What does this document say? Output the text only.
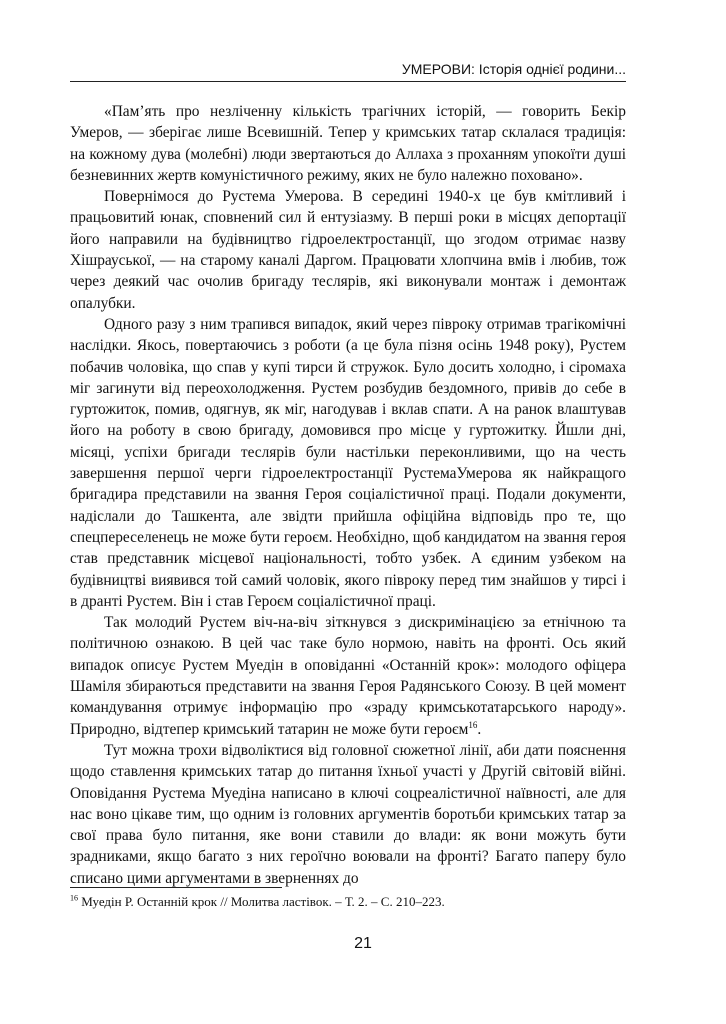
УМЕРОВИ: Історія однієї родини...

«Пам’ять про незліченну кількість трагічних історій, — говорить Бекір Умеров, — зберігає лише Всевишній. Тепер у кримських татар склалася традиція: на кожному дува (молебні) люди звертаються до Аллаха з проханням упокоїти душі безневинних жертв комуністичного режиму, яких не було належно поховано».

Повернімося до Рустема Умерова. В середині 1940-х це був кмітливий і працьовитий юнак, сповнений сил й ентузіазму. В перші роки в місцях депортації його направили на будівництво гідроелектростанції, що згодом отримає назву Хішрауської, — на старому каналі Даргом. Працювати хлопчина вмів і любив, тож через деякий час очолив бригаду теслярів, які виконували монтаж і демонтаж опалубки.

Одного разу з ним трапився випадок, який через півроку отримав трагікомічні наслідки. Якось, повертаючись з роботи (а це була пізня осінь 1948 року), Рустем побачив чоловіка, що спав у купі тирси й стружок. Було досить холодно, і сіромаха міг загинути від переохолодження. Рустем розбудив бездомного, привів до себе в гуртожиток, помив, одягнув, як міг, нагодував і вклав спати. А на ранок влаштував його на роботу в свою бригаду, домовився про місце у гуртожитку. Йшли дні, місяці, успіхи бригади теслярів були настільки переконливими, що на честь завершення першої черги гідроелектростанції РустемаУмерова як найкращого бригадира представили на звання Героя соціалістичної праці. Подали документи, надіслали до Ташкента, але звідти прийшла офіційна відповідь про те, що спецпереселенець не може бути героєм. Необхідно, щоб кандидатом на звання героя став представник місцевої національності, тобто узбек. А єдиним узбеком на будівництві виявився той самий чоловік, якого півроку перед тим знайшов у тирсі і в дранті Рустем. Він і став Героєм соціалістичної праці.

Так молодий Рустем віч-на-віч зіткнувся з дискримінацією за етнічною та політичною ознакою. В цей час таке було нормою, навіть на фронті. Ось який випадок описує Рустем Муедін в оповіданні «Останній крок»: молодого офіцера Шаміля збираються представити на звання Героя Радянського Союзу. В цей момент командування отримує інформацію про «зраду кримськотатарського народу». Природно, відтепер кримський татарин не може бути героєм$^{16}$.

Тут можна трохи відволіктися від головної сюжетної лінії, аби дати пояснення щодо ставлення кримських татар до питання їхньої участі у Другій світовій війні. Оповідання Рустема Муедіна написано в ключі соцреалістичної наївності, але для нас воно цікаве тим, що одним із головних аргументів боротьби кримських татар за свої права було питання, яке вони ставили до влади: як вони можуть бути зрадниками, якщо багато з них героїчно воювали на фронті? Багато паперу було списано цими аргументами в зверненнях до

$^{16}$ Муедін Р. Останній крок // Молитва ластівок. – Т. 2. – С. 210–223.
21
